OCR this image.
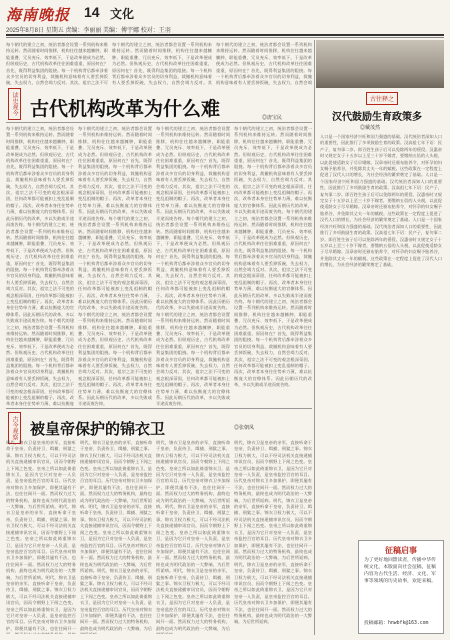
海南晚报 14 文化
2025年8月8日 星期五 责编：李丽丽 美编：傅宇娜 校对：王羽
每个朝代的建立之初，统治者都会设置一系列机构来维持运转。然而随着时间推移，机构往往越来越臃肿，职能重叠、冗员充斥、效率低下，于是改革便成为必然。但纵观历史，古代机构改革往往困难重重，原因何在？首先，既得利益集团的阻挠。每一个机构背后都牵涉着众多官员的切身利益，裁撤机构意味着有人要丢掉饭碗，失去权力，自然会竭力反对。其次，祖宗之法不可
每个朝代的建立之初，统治者都会设置一系列机构来维持运转。然而随着时间推移，机构往往越来越臃肿，职能重叠、冗员充斥、效率低下，于是改革便成为必然。但纵观历史，古代机构改革往往困难重重，原因何在？首先，既得利益集团的阻挠。每一个机构背后都牵涉着众多官员的切身利益，裁撤机构意味着有人要丢掉饭碗，失去权力，自然会竭力反对。其
每个朝代的建立之初，统治者都会设置一系列机构来维持运转。然而随着时间推移，机构往往越来越臃肿，职能重叠、冗员充斥、效率低下，于是改革便成为必然。但纵观历史，古代机构改革往往困难重重，原因何在？首先，既得利益集团的阻挠。每一个机构背后都牵涉着众多官员的切身利益，裁撤机构意味着有人要丢掉饭碗，失去权力，自然会竭
读史观今 古代机构改革为什么难	◎唐宝民
每个朝代的建立之初，统治者都会设置一系列机构来维持运转。然而随着时间推移，机构往往越来越臃肿，职能重叠、冗员充斥、效率低下，于是改革便成为必然。但纵观历史，古代机构改革往往困难重重，原因何在？首先，既得利益集团的阻挠。每一个机构背后都牵涉着众多官员的切身利益，裁撤机构意味着有人要丢掉饭碗，失去权力，自然会竭力反对。其次，祖宗之法不可变的观念根深蒂固，任何改革都可能被扣上变乱祖制的帽子。再次，改革者本身往往势单力薄，难以抗衡庞大的官僚体系。因此历朝历代的改革，多以失败或半途而废告终。每个朝代的建立之初，统治者都会设置一系列机构来维持运转。然而随着时间推移，机构往往越来越臃肿，职能重叠、冗员充斥、效率低下，于是改革便成为必然。但纵观历史，古代机构改革往往困难重重，原因何在？首先，既得利益集团的阻挠。每一个机构背后都牵涉着众多官员的切身利益，裁撤机构意味着有人要丢掉饭碗，失去权力，自然会竭力反对。其次，祖宗之法不可变的观念根深蒂固，任何改革都可能被扣上变乱祖制的帽子。再次，改革者本身往往势单力薄，难以抗衡庞大的官僚体系。因此历朝历代的改革，多以失败或半途而废告终。每个朝代的建立之初，统治者都会设置一系列机构来维持运转。然而随着时间推移，机构往往越来越臃肿，职能重叠、冗员充斥、效率低下，于是改革便成为必然。但纵观历史，古代机构改革往往困难重重，原因何在？首先，既得利益集团的阻挠。每一个机构背后都牵涉着众多官员的切身利益，裁撤机构意味着有人要丢掉饭碗，失去权力，自然会竭力反对。其次，祖宗之法不可变的观念根深蒂固，任何改革都可能被扣上变乱祖制的帽子。再次，改革者本身往往势单力薄，难以抗衡庞
每个朝代的建立之初，统治者都会设置一系列机构来维持运转。然而随着时间推移，机构往往越来越臃肿，职能重叠、冗员充斥、效率低下，于是改革便成为必然。但纵观历史，古代机构改革往往困难重重，原因何在？首先，既得利益集团的阻挠。每一个机构背后都牵涉着众多官员的切身利益，裁撤机构意味着有人要丢掉饭碗，失去权力，自然会竭力反对。其次，祖宗之法不可变的观念根深蒂固，任何改革都可能被扣上变乱祖制的帽子。再次，改革者本身往往势单力薄，难以抗衡庞大的官僚体系。因此历朝历代的改革，多以失败或半途而废告终。每个朝代的建立之初，统治者都会设置一系列机构来维持运转。然而随着时间推移，机构往往越来越臃肿，职能重叠、冗员充斥、效率低下，于是改革便成为必然。但纵观历史，古代机构改革往往困难重重，原因何在？首先，既得利益集团的阻挠。每一个机构背后都牵涉着众多官员的切身利益，裁撤机构意味着有人要丢掉饭碗，失去权力，自然会竭力反对。其次，祖宗之法不可变的观念根深蒂固，任何改革都可能被扣上变乱祖制的帽子。再次，改革者本身往往势单力薄，难以抗衡庞大的官僚体系。因此历朝历代的改革，多以失败或半途而废告终。每个朝代的建立之初，统治者都会设置一系列机构来维持运转。然而随着时间推移，机构往往越来越臃肿，职能重叠、冗员充斥、效率低下，于是改革便成为必然。但纵观历史，古代机构改革往往困难重重，原因何在？首先，既得利益集团的阻挠。每一个机构背后都牵涉着众多官员的切身利益，裁撤机构意味着有人要丢掉饭碗，失去权力，自然会竭力反对。其次，祖宗之法不可变的观念根深蒂固，任何改革都可能被扣上变乱祖制的帽子。再次，改革者本身往往势单力薄，难以抗衡庞大的官僚体系。因此历朝历代的改革，多以失败或半途而废告终。
每个朝代的建立之初，统治者都会设置一系列机构来维持运转。然而随着时间推移，机构往往越来越臃肿，职能重叠、冗员充斥、效率低下，于是改革便成为必然。但纵观历史，古代机构改革往往困难重重，原因何在？首先，既得利益集团的阻挠。每一个机构背后都牵涉着众多官员的切身利益，裁撤机构意味着有人要丢掉饭碗，失去权力，自然会竭力反对。其次，祖宗之法不可变的观念根深蒂固，任何改革都可能被扣上变乱祖制的帽子。再次，改革者本身往往势单力薄，难以抗衡庞大的官僚体系。因此历朝历代的改革，多以失败或半途而废告终。每个朝代的建立之初，统治者都会设置一系列机构来维持运转。然而随着时间推移，机构往往越来越臃肿，职能重叠、冗员充斥、效率低下，于是改革便成为必然。但纵观历史，古代机构改革往往困难重重，原因何在？首先，既得利益集团的阻挠。每一个机构背后都牵涉着众多官员的切身利益，裁撤机构意味着有人要丢掉饭碗，失去权力，自然会竭力反对。其次，祖宗之法不可变的观念根深蒂固，任何改革都可能被扣上变乱祖制的帽子。再次，改革者本身往往势单力薄，难以抗衡庞大的官僚体系。因此历朝历代的改革，多以失败或半途而废告终。每个朝代的建立之初，统治者都会设置一系列机构来维持运转。然而随着时间推移，机构往往越来越臃肿，职能重叠、冗员充斥、效率低下，于是改革便成为必然。但纵观历史，古代机构改革往往困难重重，原因何在？首先，既得利益集团的阻挠。每一个机构背后都牵涉着众多官员的切身利益，裁撤机构意味着有人要丢掉饭碗，失去权力，自然会竭力反对。其次，祖宗之法不可变的观念根深蒂固，任何改革都可能被扣上变乱祖制的帽子。再次，改革者本身往往势单力薄，难以抗衡庞大的官僚体系。因此历朝历代的改革，多以失败或半途而废告终。
每个朝代的建立之初，统治者都会设置一系列机构来维持运转。然而随着时间推移，机构往往越来越臃肿，职能重叠、冗员充斥、效率低下，于是改革便成为必然。但纵观历史，古代机构改革往往困难重重，原因何在？首先，既得利益集团的阻挠。每一个机构背后都牵涉着众多官员的切身利益，裁撤机构意味着有人要丢掉饭碗，失去权力，自然会竭力反对。其次，祖宗之法不可变的观念根深蒂固，任何改革都可能被扣上变乱祖制的帽子。再次，改革者本身往往势单力薄，难以抗衡庞大的官僚体系。因此历朝历代的改革，多以失败或半途而废告终。每个朝代的建立之初，统治者都会设置一系列机构来维持运转。然而随着时间推移，机构往往越来越臃肿，职能重叠、冗员充斥、效率低下，于是改革便成为必然。但纵观历史，古代机构改革往往困难重重，原因何在？首先，既得利益集团的阻挠。每一个机构背后都牵涉着众多官员的切身利益，裁撤机构意味着有人要丢掉饭碗，失去权力，自然会竭力反对。其次，祖宗之法不可变的观念根深蒂固，任何改革都可能被扣上变乱祖制的帽子。再次，改革者本身往往势单力薄，难以抗衡庞大的官僚体系。因此历朝历代的改革，多以失败或半途而废告终。每个朝代的建立之初，统治者都会设置一系列机构来维持运转。然而随着时间推移，机构往往越来越臃肿，职能重叠、冗员充斥、效率低下，于是改革便成为必然。但纵观历史，古代机构改革往往困难重重，原因何在？首先，既得利益集团的阻挠。每一个机构背后都牵涉着众多官员的切身利益，裁撤机构意味着有人要丢掉饭碗，失去权力，自然会竭力反对。其次，祖宗之法不可变的观念根深蒂固，任何改革都可能被扣上变乱祖制的帽子。再次，改革者本身往往势单力薄，难以抗衡庞大的官僚体系。因此历朝历代的改革，多以失败或半途而废告终。
古往释之
汉代鼓励生育政策多
◎戴茂然
人口是一个国家经济兴旺和国力强盛的基础。汉代统治者深知人口的重要性，因此推行了多项鼓励生育的政策。汉高祖七年下诏：民产子，复勿事二岁。即百姓生孩子后可以免除两年的徭役。汉惠帝时又规定女子十五岁以上至三十岁不嫁者，要缴纳五倍的人头税，以此促使适龄女子尽早婚嫁。汉章帝时还颁布胎养令，对怀孕的妇女赐予胎养谷，并免除其丈夫一年的赋税。这些政策在一定程度上促进了汉代人口的增长，为社会经济的繁荣奠定了基础。人口是一个国家经济兴旺和国力强盛的基础。汉代统治者深知人口的重要性，因此推行了多项鼓励生育的政策。汉高祖七年下诏：民产子，复勿事二岁。即百姓生孩子后可以免除两年的徭役。汉惠帝时又规定女子十五岁以上至三十岁不嫁者，要缴纳五倍的人头税，以此促使适龄女子尽早婚嫁。汉章帝时还颁布胎养令，对怀孕的妇女赐予胎养谷，并免除其丈夫一年的赋税。这些政策在一定程度上促进了汉代人口的增长，为社会经济的繁荣奠定了基础。人口是一个国家经济兴旺和国力强盛的基础。汉代统治者深知人口的重要性，因此推行了多项鼓励生育的政策。汉高祖七年下诏：民产子，复勿事二岁。即百姓生孩子后可以免除两年的徭役。汉惠帝时又规定女子十五岁以上至三十岁不嫁者，要缴纳五倍的人头税，以此促使适龄女子尽早婚嫁。汉章帝时还颁布胎养令，对怀孕的妇女赐予胎养谷，并免除其丈夫一年的赋税。这些政策在一定程度上促进了汉代人口的增长，为社会经济的繁荣奠定了基础。
古今观察 被皇帝保护的锦衣卫	◎张朝凤
明代，锦衣卫是皇帝的亲军，直接听命于皇帝，负责侍卫、缉捕、刑狱之事。锦衣卫权力极大，可以不经司法机关直接逮捕审讯官员，因而令朝野上下闻之色变。皇帝之所以如此倚重锦衣卫，是因为它只对皇帝一人负责，是皇帝监控百官的耳目。历代皇帝对锦衣卫多加保护，即便其屡有不法，也往往网开一面。然而权力过大的特务机构，最终也成为明代政治的一大弊端，为后世所诟病。明代，锦衣卫是皇帝的亲军，直接听命于皇帝，负责侍卫、缉捕、刑狱之事。锦衣卫权力极大，可以不经司法机关直接逮捕审讯官员，因而令朝野上下闻之色变。皇帝之所以如此倚重锦衣卫，是因为它只对皇帝一人负责，是皇帝监控百官的耳目。历代皇帝对锦衣卫多加保护，即便其屡有不法，也往往网开一面。然而权力过大的特务机构，最终也成为明代政治的一大弊端，为后世所诟病。明代，锦衣卫是皇帝的亲军，直接听命于皇帝，负责侍卫、缉捕、刑狱之事。锦衣卫权力极大，可以不经司法机关直接逮捕审讯官员，因而令朝野上下闻之色变。皇帝之所以如此倚重锦衣卫，是因为它只对皇帝一人负责，是皇帝监控百官的耳目。历代皇帝对锦衣卫多加保护，即便其屡有不法，也往往网开一
明代，锦衣卫是皇帝的亲军，直接听命于皇帝，负责侍卫、缉捕、刑狱之事。锦衣卫权力极大，可以不经司法机关直接逮捕审讯官员，因而令朝野上下闻之色变。皇帝之所以如此倚重锦衣卫，是因为它只对皇帝一人负责，是皇帝监控百官的耳目。历代皇帝对锦衣卫多加保护，即便其屡有不法，也往往网开一面。然而权力过大的特务机构，最终也成为明代政治的一大弊端，为后世所诟病。明代，锦衣卫是皇帝的亲军，直接听命于皇帝，负责侍卫、缉捕、刑狱之事。锦衣卫权力极大，可以不经司法机关直接逮捕审讯官员，因而令朝野上下闻之色变。皇帝之所以如此倚重锦衣卫，是因为它只对皇帝一人负责，是皇帝监控百官的耳目。历代皇帝对锦衣卫多加保护，即便其屡有不法，也往往网开一面。然而权力过大的特务机构，最终也成为明代政治的一大弊端，为后世所诟病。明代，锦衣卫是皇帝的亲军，直接听命于皇帝，负责侍卫、缉捕、刑狱之事。锦衣卫权力极大，可以不经司法机关直接逮捕审讯官员，因而令朝野上下闻之色变。皇帝之所以如此倚重锦衣卫，是因为它只对皇帝一人负责，是皇帝监控百官的耳目。历代皇帝对锦衣卫多加保护，即便其屡有不法，也往往网开一面。然而权力过大的特务机构，最终也成为明代政治的一大弊端，为后
明代，锦衣卫是皇帝的亲军，直接听命于皇帝，负责侍卫、缉捕、刑狱之事。锦衣卫权力极大，可以不经司法机关直接逮捕审讯官员，因而令朝野上下闻之色变。皇帝之所以如此倚重锦衣卫，是因为它只对皇帝一人负责，是皇帝监控百官的耳目。历代皇帝对锦衣卫多加保护，即便其屡有不法，也往往网开一面。然而权力过大的特务机构，最终也成为明代政治的一大弊端，为后世所诟病。明代，锦衣卫是皇帝的亲军，直接听命于皇帝，负责侍卫、缉捕、刑狱之事。锦衣卫权力极大，可以不经司法机关直接逮捕审讯官员，因而令朝野上下闻之色变。皇帝之所以如此倚重锦衣卫，是因为它只对皇帝一人负责，是皇帝监控百官的耳目。历代皇帝对锦衣卫多加保护，即便其屡有不法，也往往网开一面。然而权力过大的特务机构，最终也成为明代政治的一大弊端，为后世所诟病。明代，锦衣卫是皇帝的亲军，直接听命于皇帝，负责侍卫、缉捕、刑狱之事。锦衣卫权力极大，可以不经司法机关直接逮捕审讯官员，因而令朝野上下闻之色变。皇帝之所以如此倚重锦衣卫，是因为它只对皇帝一人负责，是皇帝监控百官的耳目。历代皇帝对锦衣卫多加保护，即便其屡有不法，也往往网开一面。然而权力过大的特务机构，最终也成为明代政治的一大弊端，为后
明代，锦衣卫是皇帝的亲军，直接听命于皇帝，负责侍卫、缉捕、刑狱之事。锦衣卫权力极大，可以不经司法机关直接逮捕审讯官员，因而令朝野上下闻之色变。皇帝之所以如此倚重锦衣卫，是因为它只对皇帝一人负责，是皇帝监控百官的耳目。历代皇帝对锦衣卫多加保护，即便其屡有不法，也往往网开一面。然而权力过大的特务机构，最终也成为明代政治的一大弊端，为后世所诟病。明代，锦衣卫是皇帝的亲军，直接听命于皇帝，负责侍卫、缉捕、刑狱之事。锦衣卫权力极大，可以不经司法机关直接逮捕审讯官员，因而令朝野上下闻之色变。皇帝之所以如此倚重锦衣卫，是因为它只对皇帝一人负责，是皇帝监控百官的耳目。历代皇帝对锦衣卫多加保护，即便其屡有不法，也往往网开一面。然而权力过大的特务机构，最终也成为明代政治的一大弊端，为后世所诟病。明代，锦衣卫是皇帝的亲军，直接听命于皇帝，负责侍卫、缉捕、刑狱之事。锦衣卫权力极大，可以不经司法机关直接逮捕审讯官员，因而令朝野上下闻之色变。皇帝之所以如此倚重锦衣卫，是因为它只对皇帝一人负责，是皇帝监控百官的耳目。历代皇帝对锦衣卫多加保护，即便其屡有不法，也往往网开一面。然而权力过大的特务机构，最终也成为明代政治的一大弊端，为后世所诟病。
征稿启事
为了更好地回馈读者，传播中华传统文化，本版面向社会征稿，征稿内容为古代生活、经济、文化、军事等领域的历史故事，欢迎来稿。
投稿邮箱：hnwbfk@163.com
